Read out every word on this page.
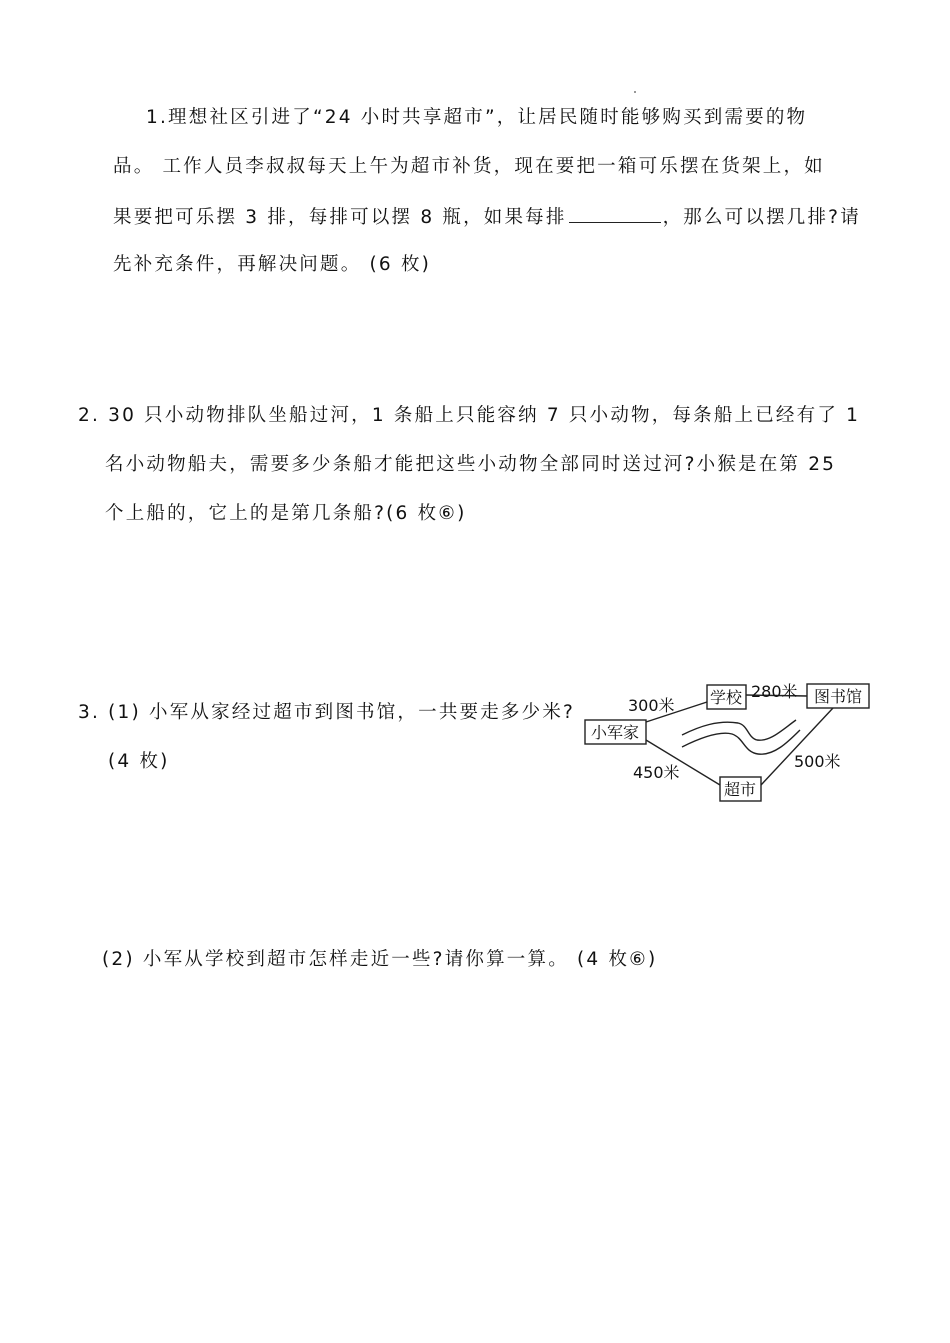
1.理想社区引进了“24 小时共享超市”，让居民随时能够购买到需要的物
品。 工作人员李叔叔每天上午为超市补货，现在要把一箱可乐摆在货架上，如
果要把可乐摆 3 排，每排可以摆 8 瓶，如果每排	，那么可以摆几排?请
先补充条件，再解决问题。 (6 枚)
2. 30 只小动物排队坐船过河，1 条船上只能容纳 7 只小动物，每条船上已经有了 1
名小动物船夫，需要多少条船才能把这些小动物全部同时送过河?小猴是在第 25
个上船的，它上的是第几条船?(6 枚⑥)
3. (1) 小军从家经过超市到图书馆，一共要走多少米?
(4 枚)
(2) 小军从学校到超市怎样走近一些?请你算一算。 (4 枚⑥)
小军家
学校	图书馆
超市
300米
280米
450米
500米
